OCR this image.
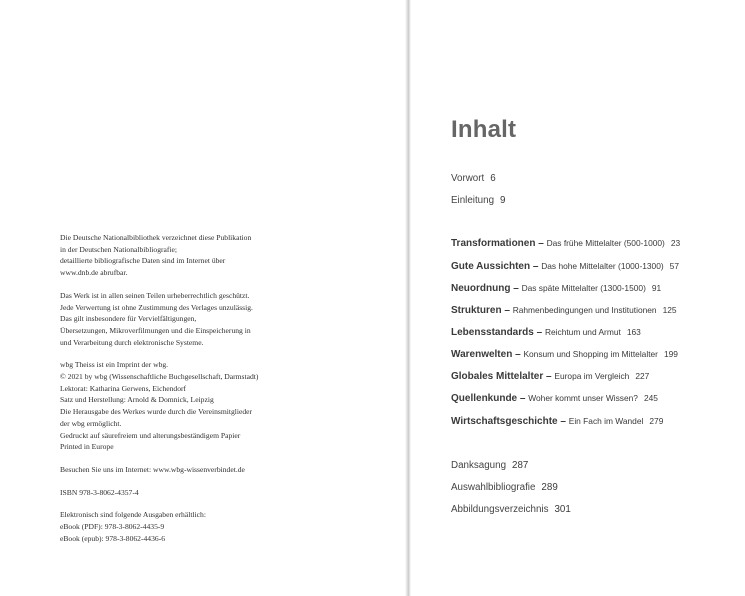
Die Deutsche Nationalbibliothek verzeichnet diese Publikation
in der Deutschen Nationalbibliografie;
detaillierte bibliografische Daten sind im Internet über
www.dnb.de abrufbar.
Das Werk ist in allen seinen Teilen urheberrechtlich geschützt.
Jede Verwertung ist ohne Zustimmung des Verlages unzulässig.
Das gilt insbesondere für Vervielfältigungen,
Übersetzungen, Mikroverfilmungen und die Einspeicherung in
und Verarbeitung durch elektronische Systeme.
wbg Theiss ist ein Imprint der wbg.
© 2021 by wbg (Wissenschaftliche Buchgesellschaft, Darmstadt)
Lektorat: Katharina Gerwens, Eichendorf
Satz und Herstellung: Arnold & Domnick, Leipzig
Die Herausgabe des Werkes wurde durch die Vereinsmitglieder
der wbg ermöglicht.
Gedruckt auf säurefreiem und alterungsbeständigem Papier
Printed in Europe
Besuchen Sie uns im Internet: www.wbg-wissenverbindet.de
ISBN 978-3-8062-4357-4
Elektronisch sind folgende Ausgaben erhältlich:
eBook (PDF): 978-3-8062-4435-9
eBook (epub): 978-3-8062-4436-6
Inhalt
Vorwort 6
Einleitung 9
Transformationen – Das frühe Mittelalter (500-1000) 23
Gute Aussichten – Das hohe Mittelalter (1000-1300) 57
Neuordnung – Das späte Mittelalter (1300-1500) 91
Strukturen – Rahmenbedingungen und Institutionen 125
Lebensstandards – Reichtum und Armut 163
Warenwelten – Konsum und Shopping im Mittelalter 199
Globales Mittelalter – Europa im Vergleich 227
Quellenkunde – Woher kommt unser Wissen? 245
Wirtschaftsgeschichte – Ein Fach im Wandel 279
Danksagung 287
Auswahlbibliografie 289
Abbildungsverzeichnis 301
